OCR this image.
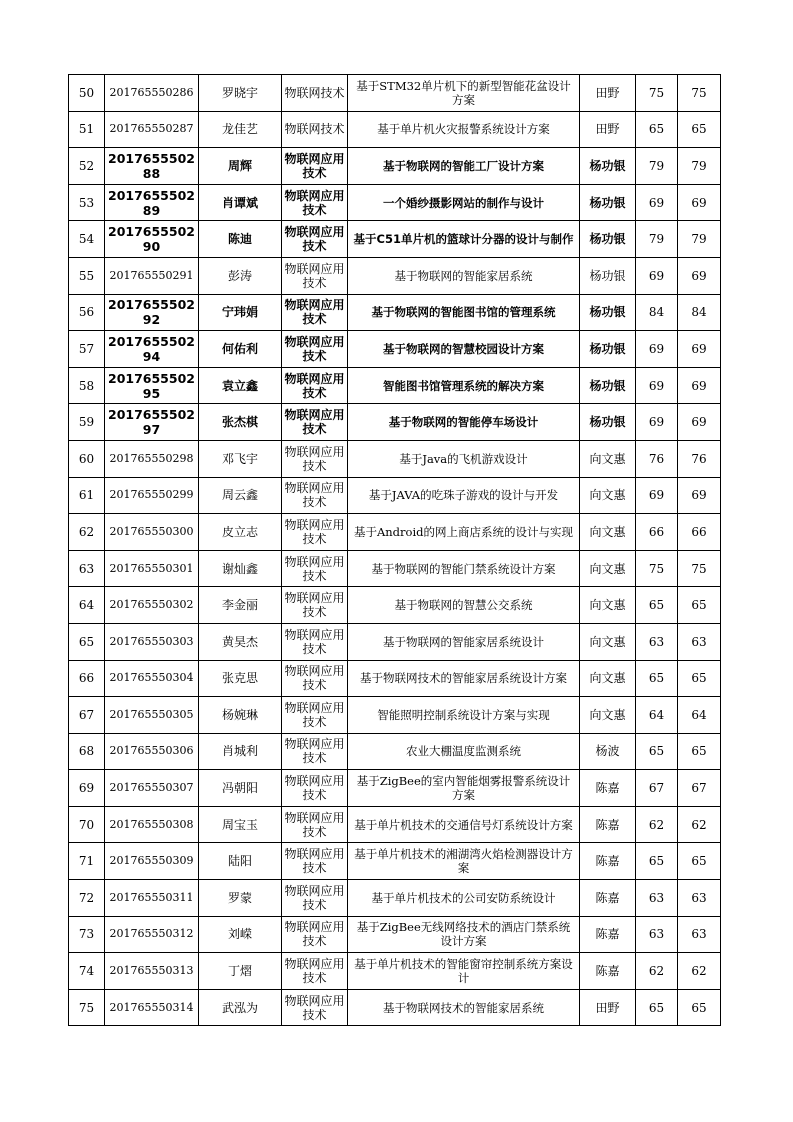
50	201765550286	罗晓宇	物联网技术	基于STM32单片机下的新型智能花盆设计方案	田野	75	75
51	201765550287	龙佳艺	物联网技术	基于单片机火灾报警系统设计方案	田野	65	65
52	201765550288	周辉	物联网应用技术	基于物联网的智能工厂设计方案	杨功银	79	79
53	201765550289	肖谭斌	物联网应用技术	一个婚纱摄影网站的制作与设计	杨功银	69	69
54	201765550290	陈迪	物联网应用技术	基于C51单片机的篮球计分器的设计与制作	杨功银	79	79
55	201765550291	彭涛	物联网应用技术	基于物联网的智能家居系统	杨功银	69	69
56	201765550292	宁玮娟	物联网应用技术	基于物联网的智能图书馆的管理系统	杨功银	84	84
57	201765550294	何佑利	物联网应用技术	基于物联网的智慧校园设计方案	杨功银	69	69
58	201765550295	袁立鑫	物联网应用技术	智能图书馆管理系统的解决方案	杨功银	69	69
59	201765550297	张杰棋	物联网应用技术	基于物联网的智能停车场设计	杨功银	69	69
60	201765550298	邓飞宇	物联网应用技术	基于Java的飞机游戏设计	向文惠	76	76
61	201765550299	周云鑫	物联网应用技术	基于JAVA的吃珠子游戏的设计与开发	向文惠	69	69
62	201765550300	皮立志	物联网应用技术	基于Android的网上商店系统的设计与实现	向文惠	66	66
63	201765550301	谢灿鑫	物联网应用技术	基于物联网的智能门禁系统设计方案	向文惠	75	75
64	201765550302	李金丽	物联网应用技术	基于物联网的智慧公交系统	向文惠	65	65
65	201765550303	黄昊杰	物联网应用技术	基于物联网的智能家居系统设计	向文惠	63	63
66	201765550304	张克思	物联网应用技术	基于物联网技术的智能家居系统设计方案	向文惠	65	65
67	201765550305	杨婉琳	物联网应用技术	智能照明控制系统设计方案与实现	向文惠	64	64
68	201765550306	肖城利	物联网应用技术	农业大棚温度监测系统	杨波	65	65
69	201765550307	冯朝阳	物联网应用技术	基于ZigBee的室内智能烟雾报警系统设计方案	陈嘉	67	67
70	201765550308	周宝玉	物联网应用技术	基于单片机技术的交通信号灯系统设计方案	陈嘉	62	62
71	201765550309	陆阳	物联网应用技术	基于单片机技术的湘湖湾火焰检测器设计方案	陈嘉	65	65
72	201765550311	罗蒙	物联网应用技术	基于单片机技术的公司安防系统设计	陈嘉	63	63
73	201765550312	刘嵘	物联网应用技术	基于ZigBee无线网络技术的酒店门禁系统设计方案	陈嘉	63	63
74	201765550313	丁熠	物联网应用技术	基于单片机技术的智能窗帘控制系统方案设计	陈嘉	62	62
75	201765550314	武泓为	物联网应用技术	基于物联网技术的智能家居系统	田野	65	65
